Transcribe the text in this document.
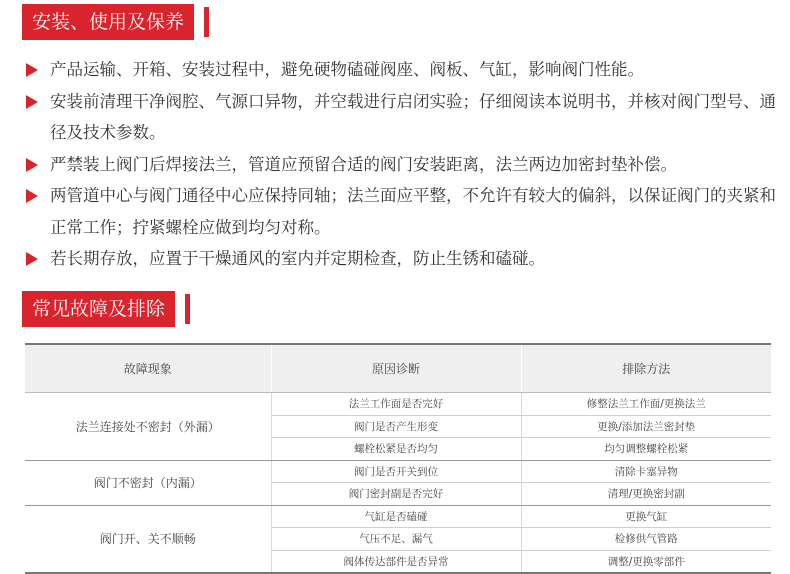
安装、使用及保养
产品运输、开箱、安装过程中，避免硬物磕碰阀座、阀板、气缸，影响阀门性能。
安装前清理干净阀腔、气源口异物，并空载进行启闭实验；仔细阅读本说明书，并核对阀门型号、通径及技术参数。
严禁装上阀门后焊接法兰，管道应预留合适的阀门安装距离，法兰两边加密封垫补偿。
两管道中心与阀门通径中心应保持同轴；法兰面应平整，不允许有较大的偏斜，以保证阀门的夹紧和正常工作；拧紧螺栓应做到均匀对称。
若长期存放，应置于干燥通风的室内并定期检查，防止生锈和磕碰。
常见故障及排除
故障现象	原因诊断	排除方法
法兰连接处不密封（外漏）	法兰工作面是否完好	修整法兰工作面/更换法兰
	阀门是否产生形变	更换/添加法兰密封垫
	螺栓松紧是否均匀	均匀调整螺栓松紧
阀门不密封（内漏）	阀门是否开关到位	清除卡塞异物
	阀门密封副是否完好	清理/更换密封副
阀门开、关不顺畅	气缸是否磕碰	更换气缸
	气压不足、漏气	检修供气管路
	阀体传达部件是否异常	调整/更换零部件
